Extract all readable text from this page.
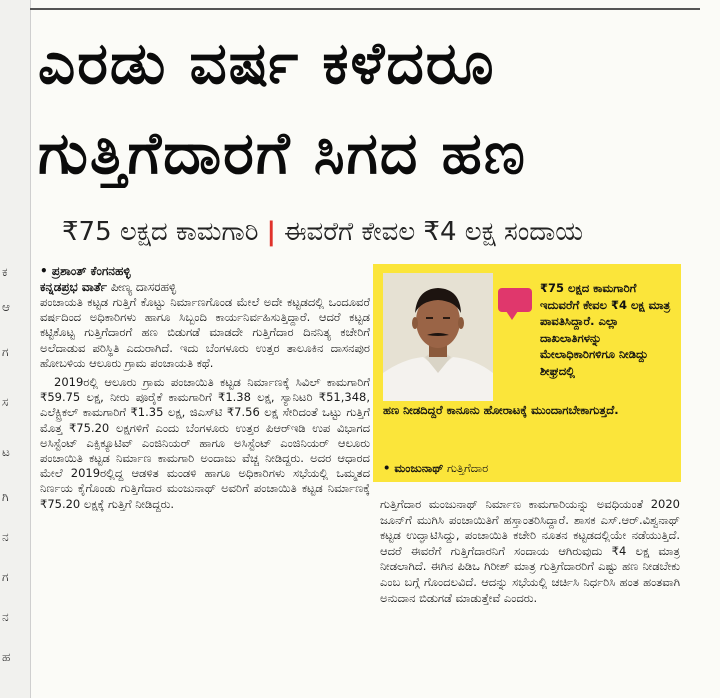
ಕ
ಆ
ಗ
ಸ
ಟ
ಗಿ
ನ
ಗ
ನ
ಹ
ಎರಡು ವರ್ಷ ಕಳೆದರೂ
ಗುತ್ತಿಗೆದಾರಗೆ ಸಿಗದ ಹಣ
₹75 ಲಕ್ಷದ ಕಾಮಗಾರಿ | ಈವರೆಗೆ ಕೇವಲ ₹4 ಲಕ್ಷ ಸಂದಾಯ
• ಪ್ರಶಾಂತ್ ಕೆಂಗನಹಳ್ಳಿ
ಕನ್ನಡಪ್ರಭ ವಾರ್ತೆ ಪೀಣ್ಯ ದಾಸರಹಳ್ಳಿ

ಪಂಚಾಯತಿ ಕಟ್ಟಡ ಗುತ್ತಿಗೆ ಕೊಟ್ಟು ನಿರ್ಮಾಣಗೊಂಡ ಮೇಲೆ ಅದೇ ಕಟ್ಟಡದಲ್ಲಿ ಒಂದೂವರೆ ವರ್ಷದಿಂದ ಅಧಿಕಾರಿಗಳು ಹಾಗೂ ಸಿಬ್ಬಂದಿ ಕಾರ್ಯನಿರ್ವಹಿಸುತ್ತಿದ್ದಾರೆ. ಆದರೆ ಕಟ್ಟಡ ಕಟ್ಟಿಕೊಟ್ಟ ಗುತ್ತಿಗೆದಾರಗೆ ಹಣ ಬಿಡುಗಡೆ ಮಾಡದೇ ಗುತ್ತಿಗೆದಾರ ದಿನನಿತ್ಯ ಕಚೇರಿಗೆ ಅಲೆದಾಡುವ ಪರಿಸ್ಥಿತಿ ಎದುರಾಗಿದೆ. ಇದು ಬೆಂಗಳೂರು ಉತ್ತರ ತಾಲೂಕಿನ ದಾಸನಪುರ ಹೋಬಳಿಯ ಆಲೂರು ಗ್ರಾಮ ಪಂಚಾಯತಿ ಕಥೆ.

2019ರಲ್ಲಿ ಆಲೂರು ಗ್ರಾಮ ಪಂಚಾಯಿತಿ ಕಟ್ಟಡ ನಿರ್ಮಾಣಕ್ಕೆ ಸಿವಿಲ್ ಕಾಮಗಾರಿಗೆ ₹59.75 ಲಕ್ಷ, ನೀರು ಪೂರೈಕೆ ಕಾಮಗಾರಿಗೆ ₹1.38 ಲಕ್ಷ, ಸ್ಯಾನಿಟರಿ ₹51,348, ಎಲೆಕ್ಟ್ರಿಕಲ್ ಕಾಮಗಾರಿಗೆ ₹1.35 ಲಕ್ಷ, ಜಿಎಸ್‌ಟಿ ₹7.56 ಲಕ್ಷ ಸೇರಿದಂತೆ ಒಟ್ಟು ಗುತ್ತಿಗೆ ಮೊತ್ತ ₹75.20 ಲಕ್ಷಗಳಿಗೆ ಎಂದು ಬೆಂಗಳೂರು ಉತ್ತರ ಪಿಆರ್‌ಇಡಿ ಉಪ ವಿಭಾಗದ ಅಸಿಸ್ಟೆಂಟ್ ಎಕ್ಸಿಕ್ಯೂಟಿವ್ ಎಂಜಿನಿಯರ್ ಹಾಗೂ ಅಸಿಸ್ಟೆಂಟ್ ಎಂಜಿನಿಯರ್ ಆಲೂರು ಪಂಚಾಯಿತಿ ಕಟ್ಟಡ ನಿರ್ಮಾಣ ಕಾಮಗಾರಿ ಅಂದಾಜು ವೆಚ್ಚ ನೀಡಿದ್ದರು. ಅದರ ಆಧಾರದ ಮೇಲೆ 2019ರಲ್ಲಿದ್ದ ಆಡಳಿತ ಮಂಡಳಿ ಹಾಗೂ ಅಧಿಕಾರಿಗಳು ಸಭೆಯಲ್ಲಿ ಒಮ್ಮತದ ನಿರ್ಣಯ ಕೈಗೊಂಡು ಗುತ್ತಿಗೆದಾರ ಮಂಜುನಾಥ್ ಅವರಿಗೆ ಪಂಚಾಯಿತಿ ಕಟ್ಟಡ ನಿರ್ಮಾಣಕ್ಕೆ ₹75.20 ಲಕ್ಷಕ್ಕೆ ಗುತ್ತಿಗೆ ನೀಡಿದ್ದರು.

₹75 ಲಕ್ಷದ ಕಾಮಗಾರಿಗೆ ಇದುವರೆಗೆ ಕೇವಲ ₹4 ಲಕ್ಷ ಮಾತ್ರ ಪಾವತಿಸಿದ್ದಾರೆ. ಎಲ್ಲಾ ದಾಖಲಾತಿಗಳನ್ನು ಮೇಲಾಧಿಕಾರಿಗಳಿಗೂ ನೀಡಿದ್ದು ಶೀಘ್ರದಲ್ಲಿ
ಹಣ ನೀಡದಿದ್ದರೆ ಕಾನೂನು ಹೋರಾಟಕ್ಕೆ ಮುಂದಾಗಬೇಕಾಗುತ್ತದೆ.
• ಮಂಜುನಾಥ್ ಗುತ್ತಿಗೆದಾರ

ಗುತ್ತಿಗೆದಾರ ಮಂಜುನಾಥ್ ನಿರ್ಮಾಣ ಕಾಮಗಾರಿಯನ್ನು ಅವಧಿಯಂತೆ 2020 ಜೂನ್‌ಗೆ ಮುಗಿಸಿ ಪಂಚಾಯಿತಿಗೆ ಹಸ್ತಾಂತರಿಸಿದ್ದಾರೆ. ಶಾಸಕ ಎಸ್.ಆರ್.ವಿಶ್ವನಾಥ್ ಕಟ್ಟಡ ಉದ್ಘಾಟಿಸಿದ್ದು, ಪಂಚಾಯಿತಿ ಕಚೇರಿ ನೂತನ ಕಟ್ಟಡದಲ್ಲಿಯೇ ನಡೆಯುತ್ತಿದೆ. ಆದರೆ ಈವರೆಗೆ ಗುತ್ತಿಗೆದಾರನಿಗೆ ಸಂದಾಯ ಆಗಿರುವುದು ₹4 ಲಕ್ಷ ಮಾತ್ರ ನೀಡಲಾಗಿದೆ. ಈಗಿನ ಪಿಡಿಒ ಗಿರೀಶ್ ಮಾತ್ರ ಗುತ್ತಿಗೆದಾರರಿಗೆ ಎಷ್ಟು ಹಣ ನೀಡಬೇಕು ಎಂಬ ಬಗ್ಗೆ ಗೊಂದಲವಿದೆ. ಆದನ್ನು ಸಭೆಯಲ್ಲಿ ಚರ್ಚಿಸಿ ನಿರ್ಧರಿಸಿ ಹಂತ ಹಂತವಾಗಿ ಅನುದಾನ ಬಿಡುಗಡೆ ಮಾಡುತ್ತೇವೆ ಎಂದರು.
